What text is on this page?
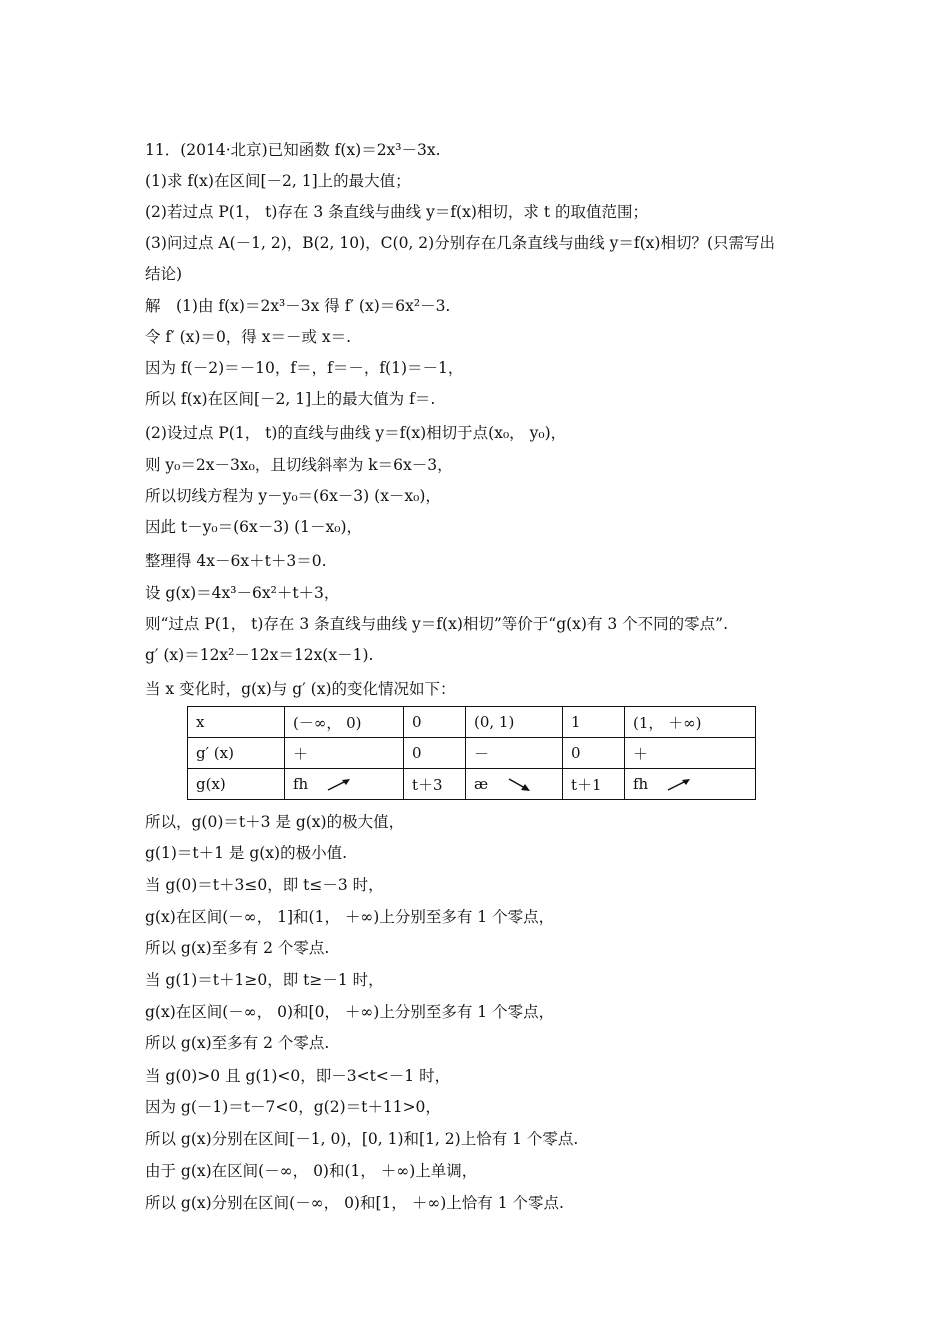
11．(2014·北京)已知函数 f(x)＝2x³－3x.
(1)求 f(x)在区间[－2, 1]上的最大值；
(2)若过点 P(1， t)存在 3 条直线与曲线 y＝f(x)相切，求 t 的取值范围；
(3)问过点 A(－1, 2)，B(2, 10)，C(0, 2)分别存在几条直线与曲线 y＝f(x)相切？(只需写出
结论)
解　(1)由 f(x)＝2x³－3x 得 f′ (x)＝6x²－3.
令 f′ (x)＝0，得 x＝－或 x＝.
因为 f(－2)＝－10，f＝，f＝－，f(1)＝－1，
所以 f(x)在区间[－2, 1]上的最大值为 f＝.
(2)设过点 P(1， t)的直线与曲线 y＝f(x)相切于点(x₀， y₀)，
则 y₀＝2x－3x₀，且切线斜率为 k＝6x－3，
所以切线方程为 y－y₀＝(6x－3) (x－x₀)，
因此 t－y₀＝(6x－3) (1－x₀)，
整理得 4x－6x＋t＋3＝0.
设 g(x)＝4x³－6x²＋t＋3，
则“过点 P(1， t)存在 3 条直线与曲线 y＝f(x)相切”等价于“g(x)有 3 个不同的零点”.
g′ (x)＝12x²－12x＝12x(x－1).
当 x 变化时，g(x)与 g′ (x)的变化情况如下：
x	(－∞， 0)	0	(0, 1)	1	(1， ＋∞)
g′ (x)	＋	0	－	0	＋
g(x)	fh	t＋3	æ	t＋1	fh
所以，g(0)＝t＋3 是 g(x)的极大值，
g(1)＝t＋1 是 g(x)的极小值.
当 g(0)＝t＋3≤0，即 t≤－3 时，
g(x)在区间(－∞， 1]和(1， ＋∞)上分别至多有 1 个零点，
所以 g(x)至多有 2 个零点.
当 g(1)＝t＋1≥0，即 t≥－1 时，
g(x)在区间(－∞， 0)和[0， ＋∞)上分别至多有 1 个零点，
所以 g(x)至多有 2 个零点.
当 g(0)>0 且 g(1)<0，即－3<t<－1 时，
因为 g(－1)＝t－7<0，g(2)＝t＋11>0，
所以 g(x)分别在区间[－1, 0)，[0, 1)和[1, 2)上恰有 1 个零点.
由于 g(x)在区间(－∞， 0)和(1， ＋∞)上单调，
所以 g(x)分别在区间(－∞， 0)和[1， ＋∞)上恰有 1 个零点.
